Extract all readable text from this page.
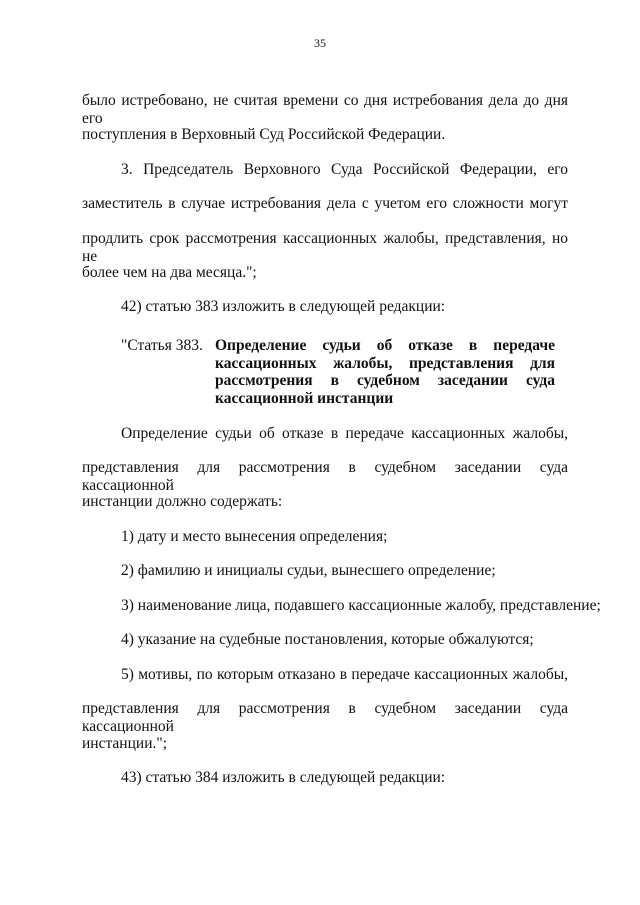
35
было истребовано, не считая времени со дня истребования дела до дня его
поступления в Верховный Суд Российской Федерации.
3. Председатель Верховного Суда Российской Федерации, его
заместитель в случае истребования дела с учетом его сложности могут
продлить срок рассмотрения кассационных жалобы, представления, но не
более чем на два месяца.";
42) статью 383 изложить в следующей редакции:
"Статья 383. Определение судьи об отказе в передаче
кассационных жалобы, представления для
рассмотрения в судебном заседании суда
кассационной инстанции
Определение судьи об отказе в передаче кассационных жалобы,
представления для рассмотрения в судебном заседании суда кассационной
инстанции должно содержать:
1) дату и место вынесения определения;
2) фамилию и инициалы судьи, вынесшего определение;
3) наименование лица, подавшего кассационные жалобу, представление;
4) указание на судебные постановления, которые обжалуются;
5) мотивы, по которым отказано в передаче кассационных жалобы,
представления для рассмотрения в судебном заседании суда кассационной
инстанции.";
43) статью 384 изложить в следующей редакции:
